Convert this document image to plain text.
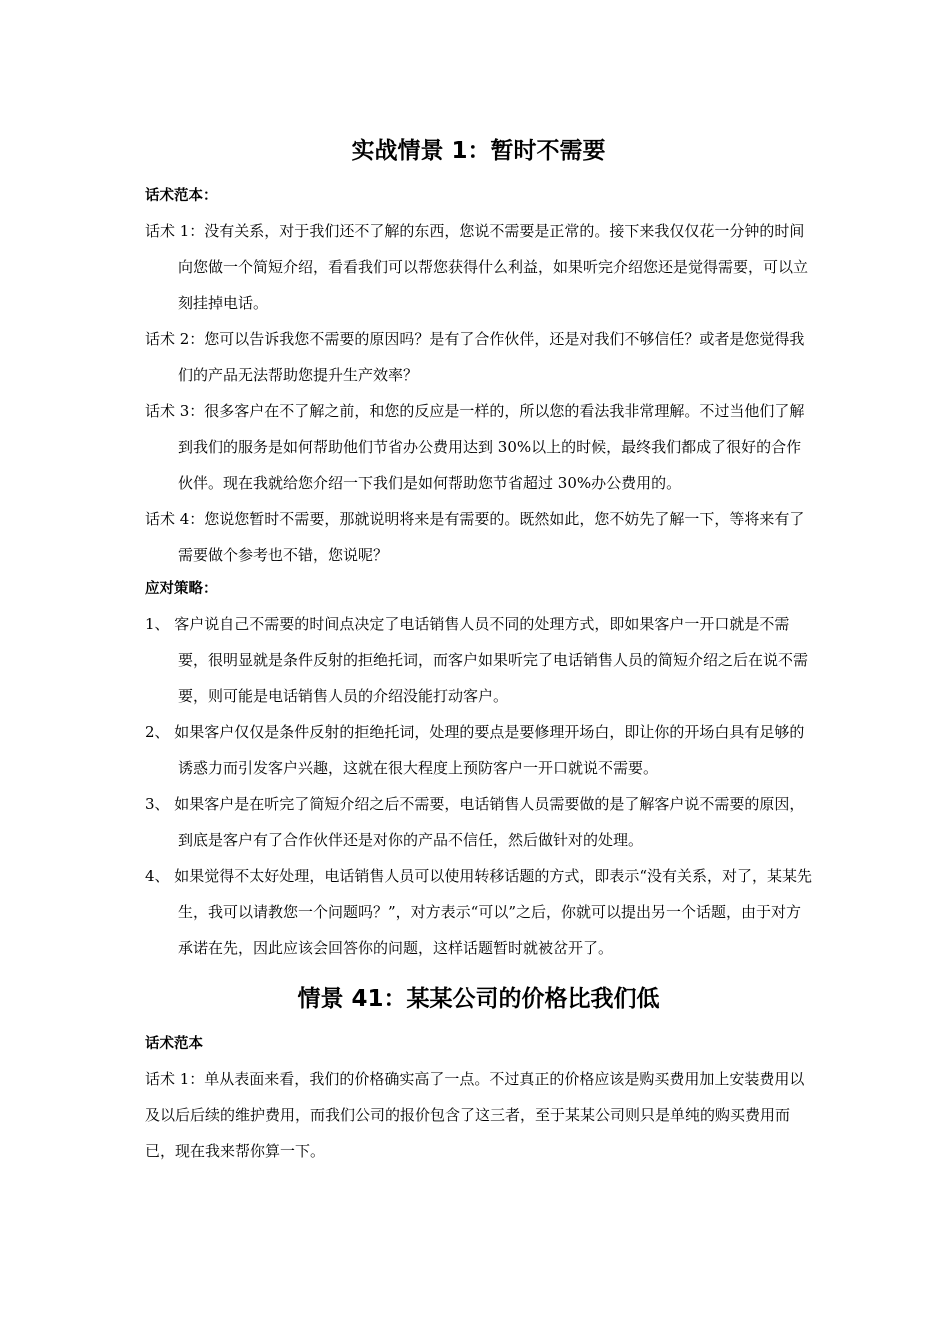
实战情景 1：暂时不需要

话术范本：

话术 1：没有关系，对于我们还不了解的东西，您说不需要是正常的。接下来我仅仅花一分钟的时间向您做一个简短介绍，看看我们可以帮您获得什么利益，如果听完介绍您还是觉得需要，可以立刻挂掉电话。

话术 2：您可以告诉我您不需要的原因吗？是有了合作伙伴，还是对我们不够信任？或者是您觉得我们的产品无法帮助您提升生产效率？

话术 3：很多客户在不了解之前，和您的反应是一样的，所以您的看法我非常理解。不过当他们了解到我们的服务是如何帮助他们节省办公费用达到 30%以上的时候，最终我们都成了很好的合作伙伴。现在我就给您介绍一下我们是如何帮助您节省超过 30%办公费用的。

话术 4：您说您暂时不需要，那就说明将来是有需要的。既然如此，您不妨先了解一下，等将来有了需要做个参考也不错，您说呢？

应对策略：

1、 客户说自己不需要的时间点决定了电话销售人员不同的处理方式，即如果客户一开口就是不需要，很明显就是条件反射的拒绝托词，而客户如果听完了电话销售人员的简短介绍之后在说不需要，则可能是电话销售人员的介绍没能打动客户。

2、 如果客户仅仅是条件反射的拒绝托词，处理的要点是要修理开场白，即让你的开场白具有足够的诱惑力而引发客户兴趣，这就在很大程度上预防客户一开口就说不需要。

3、 如果客户是在听完了简短介绍之后不需要，电话销售人员需要做的是了解客户说不需要的原因，到底是客户有了合作伙伴还是对你的产品不信任，然后做针对的处理。

4、 如果觉得不太好处理，电话销售人员可以使用转移话题的方式，即表示“没有关系，对了，某某先生，我可以请教您一个问题吗？”，对方表示“可以”之后，你就可以提出另一个话题，由于对方承诺在先，因此应该会回答你的问题，这样话题暂时就被岔开了。

情景 41：某某公司的价格比我们低

话术范本

话术 1：单从表面来看，我们的价格确实高了一点。不过真正的价格应该是购买费用加上安装费用以及以后后续的维护费用，而我们公司的报价包含了这三者，至于某某公司则只是单纯的购买费用而已，现在我来帮你算一下。
